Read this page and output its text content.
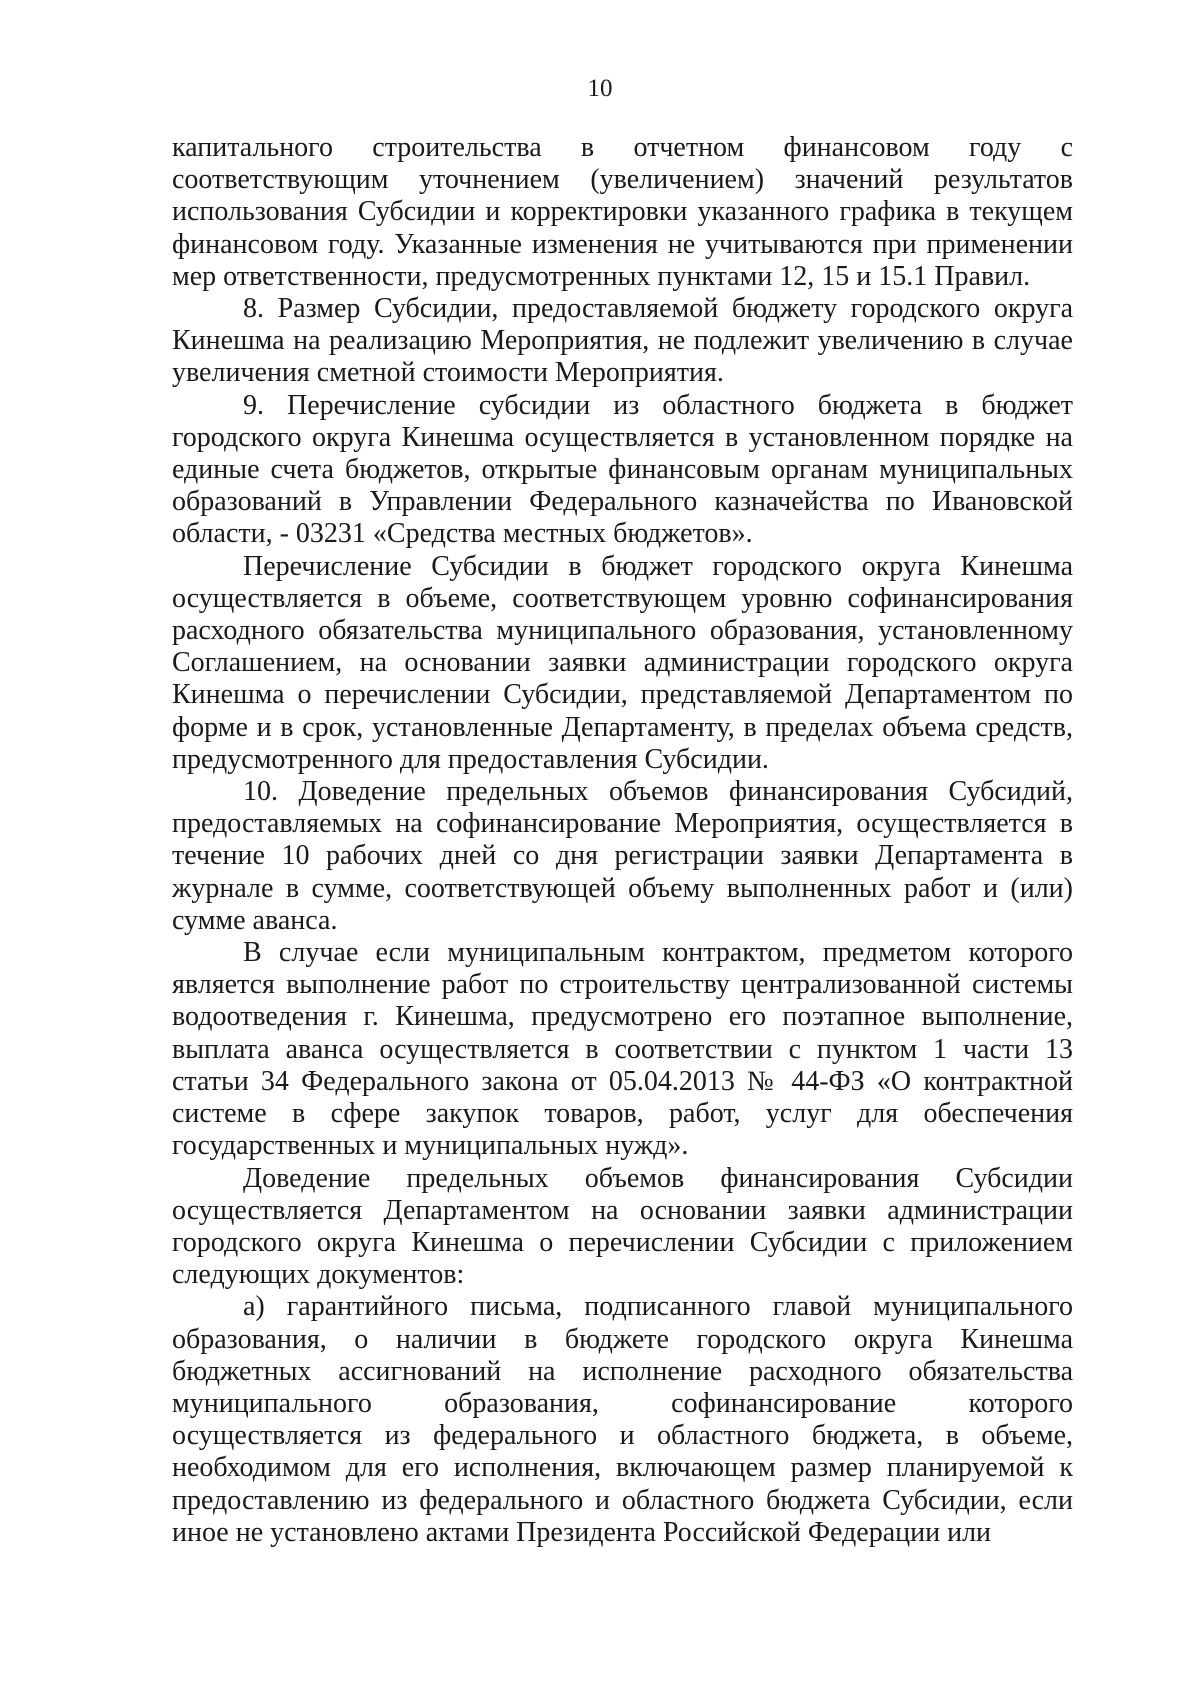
10

капитального строительства в отчетном финансовом году с соответствующим уточнением (увеличением) значений результатов использования Субсидии и корректировки указанного графика в текущем финансовом году. Указанные изменения не учитываются при применении мер ответственности, предусмотренных пунктами 12, 15 и 15.1 Правил.

8. Размер Субсидии, предоставляемой бюджету городского округа Кинешма на реализацию Мероприятия, не подлежит увеличению в случае увеличения сметной стоимости Мероприятия.

9. Перечисление субсидии из областного бюджета в бюджет городского округа Кинешма осуществляется в установленном порядке на единые счета бюджетов, открытые финансовым органам муниципальных образований в Управлении Федерального казначейства по Ивановской области, - 03231 «Средства местных бюджетов».

Перечисление Субсидии в бюджет городского округа Кинешма осуществляется в объеме, соответствующем уровню софинансирования расходного обязательства муниципального образования, установленному Соглашением, на основании заявки администрации городского округа Кинешма о перечислении Субсидии, представляемой Департаментом по форме и в срок, установленные Департаменту, в пределах объема средств, предусмотренного для предоставления Субсидии.

10. Доведение предельных объемов финансирования Субсидий, предоставляемых на софинансирование Мероприятия, осуществляется в течение 10 рабочих дней со дня регистрации заявки Департамента в журнале в сумме, соответствующей объему выполненных работ и (или) сумме аванса.

В случае если муниципальным контрактом, предметом которого является выполнение работ по строительству централизованной системы водоотведения г. Кинешма, предусмотрено его поэтапное выполнение, выплата аванса осуществляется в соответствии с пунктом 1 части 13 статьи 34 Федерального закона от 05.04.2013 № 44-ФЗ «О контрактной системе в сфере закупок товаров, работ, услуг для обеспечения государственных и муниципальных нужд».

Доведение предельных объемов финансирования Субсидии осуществляется Департаментом на основании заявки администрации городского округа Кинешма о перечислении Субсидии с приложением следующих документов:

а) гарантийного письма, подписанного главой муниципального образования, о наличии в бюджете городского округа Кинешма бюджетных ассигнований на исполнение расходного обязательства муниципального образования, софинансирование которого осуществляется из федерального и областного бюджета, в объеме, необходимом для его исполнения, включающем размер планируемой к предоставлению из федерального и областного бюджета Субсидии, если иное не установлено актами Президента Российской Федерации или
